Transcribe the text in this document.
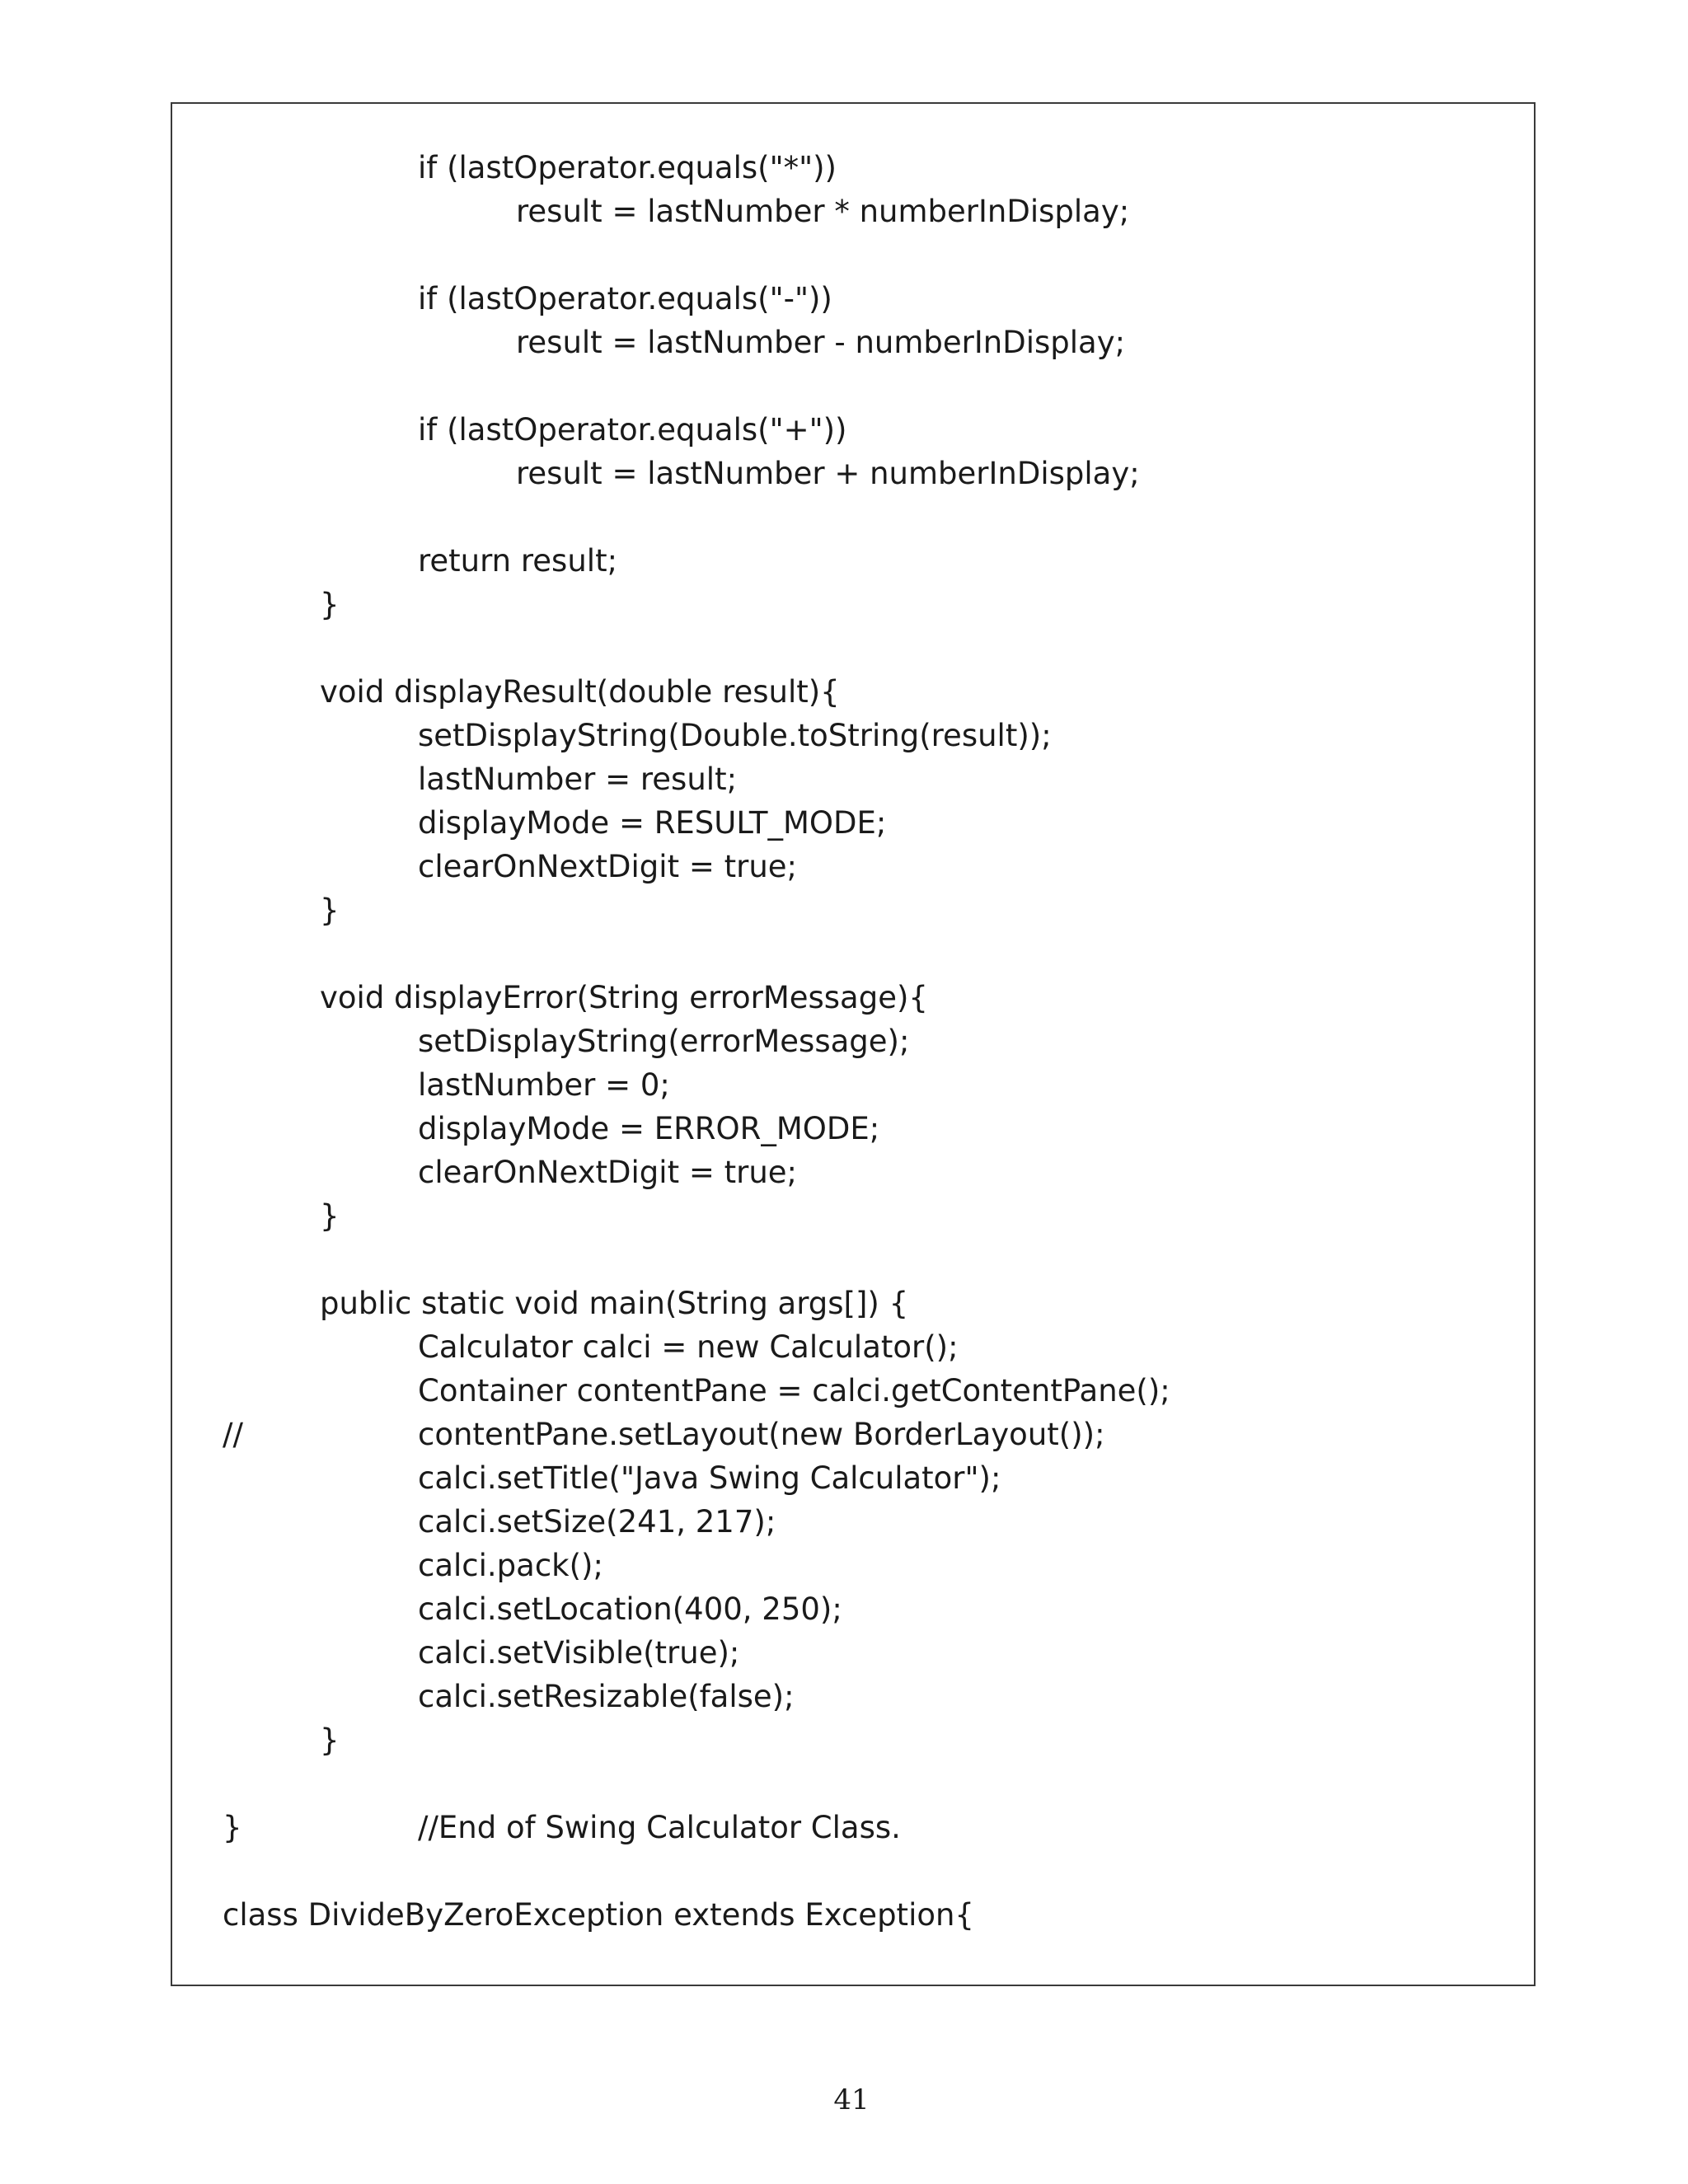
if (lastOperator.equals("*"))
result = lastNumber * numberInDisplay;
if (lastOperator.equals("-"))
result = lastNumber - numberInDisplay;
if (lastOperator.equals("+"))
result = lastNumber + numberInDisplay;
return result;
}
void displayResult(double result){
setDisplayString(Double.toString(result));
lastNumber = result;
displayMode = RESULT_MODE;
clearOnNextDigit = true;
}
void displayError(String errorMessage){
setDisplayString(errorMessage);
lastNumber = 0;
displayMode = ERROR_MODE;
clearOnNextDigit = true;
}
public static void main(String args[]) {
Calculator calci = new Calculator();
Container contentPane = calci.getContentPane();
//	contentPane.setLayout(new BorderLayout());
calci.setTitle("Java Swing Calculator");
calci.setSize(241, 217);
calci.pack();
calci.setLocation(400, 250);
calci.setVisible(true);
calci.setResizable(false);
}
}	//End of Swing Calculator Class.
class DivideByZeroException extends Exception{
41
